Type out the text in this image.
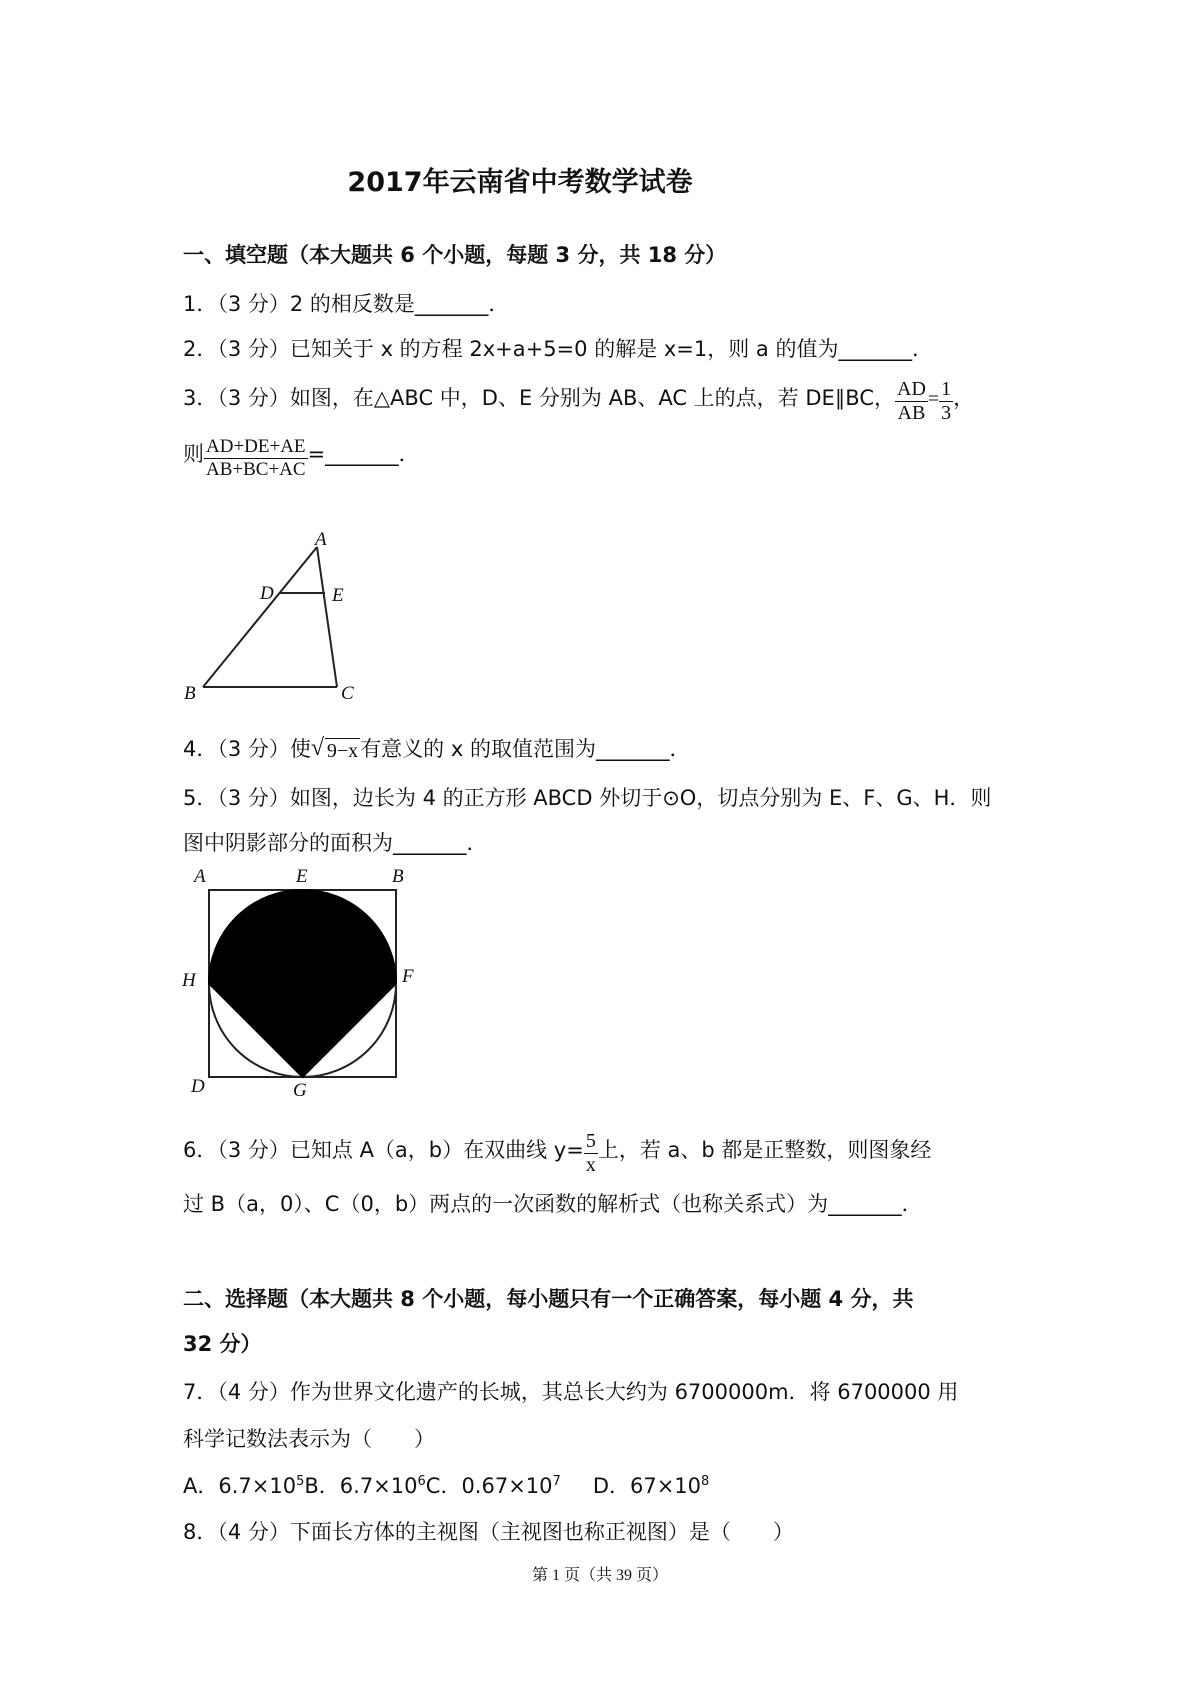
2017年云南省中考数学试卷
一、填空题（本大题共 6 个小题，每题 3 分，共 18 分）
1．（3 分）2 的相反数是_______．
2．（3 分）已知关于 x 的方程 2x+a+5=0 的解是 x=1，则 a 的值为_______．
3．（3 分）如图，在△ABC 中，D、E 分别为 AB、AC 上的点，若 DE∥BC， $\frac{AD}{AB} = \frac{1}{3}$ ，
则 $\frac{AD+DE+AE}{AB+BC+AC}$ =_______．
A
D	E
B	C
4．（3 分）使 √ 9−x有意义的 x 的取值范围为_______．
5．（3 分）如图，边长为 4 的正方形 ABCD 外切于⊙O，切点分别为 E、F、G、H．则
图中阴影部分的面积为_______．
A	E	B
H	F
D	G
6．（3 分）已知点 A（a，b）在双曲线 $y= \frac{5}{x}$ 上，若 a、b 都是正整数，则图象经
过 B（a，0）、C（0，b）两点的一次函数的解析式（也称关系式）为_______．
二、选择题（本大题共 8 个小题，每小题只有一个正确答案，每小题 4 分，共
32 分）
7．（4 分）作为世界文化遗产的长城，其总长大约为 6700000m．将 6700000 用
科学记数法表示为（　　）
A．$6.7\times 10^5B$．$6.7\times 10^6C$．$0.67\times 10^7$ D．$67\times 10^8$
8．（4 分）下面长方体的主视图（主视图也称正视图）是（　　）
第 1 页（共 39 页）
